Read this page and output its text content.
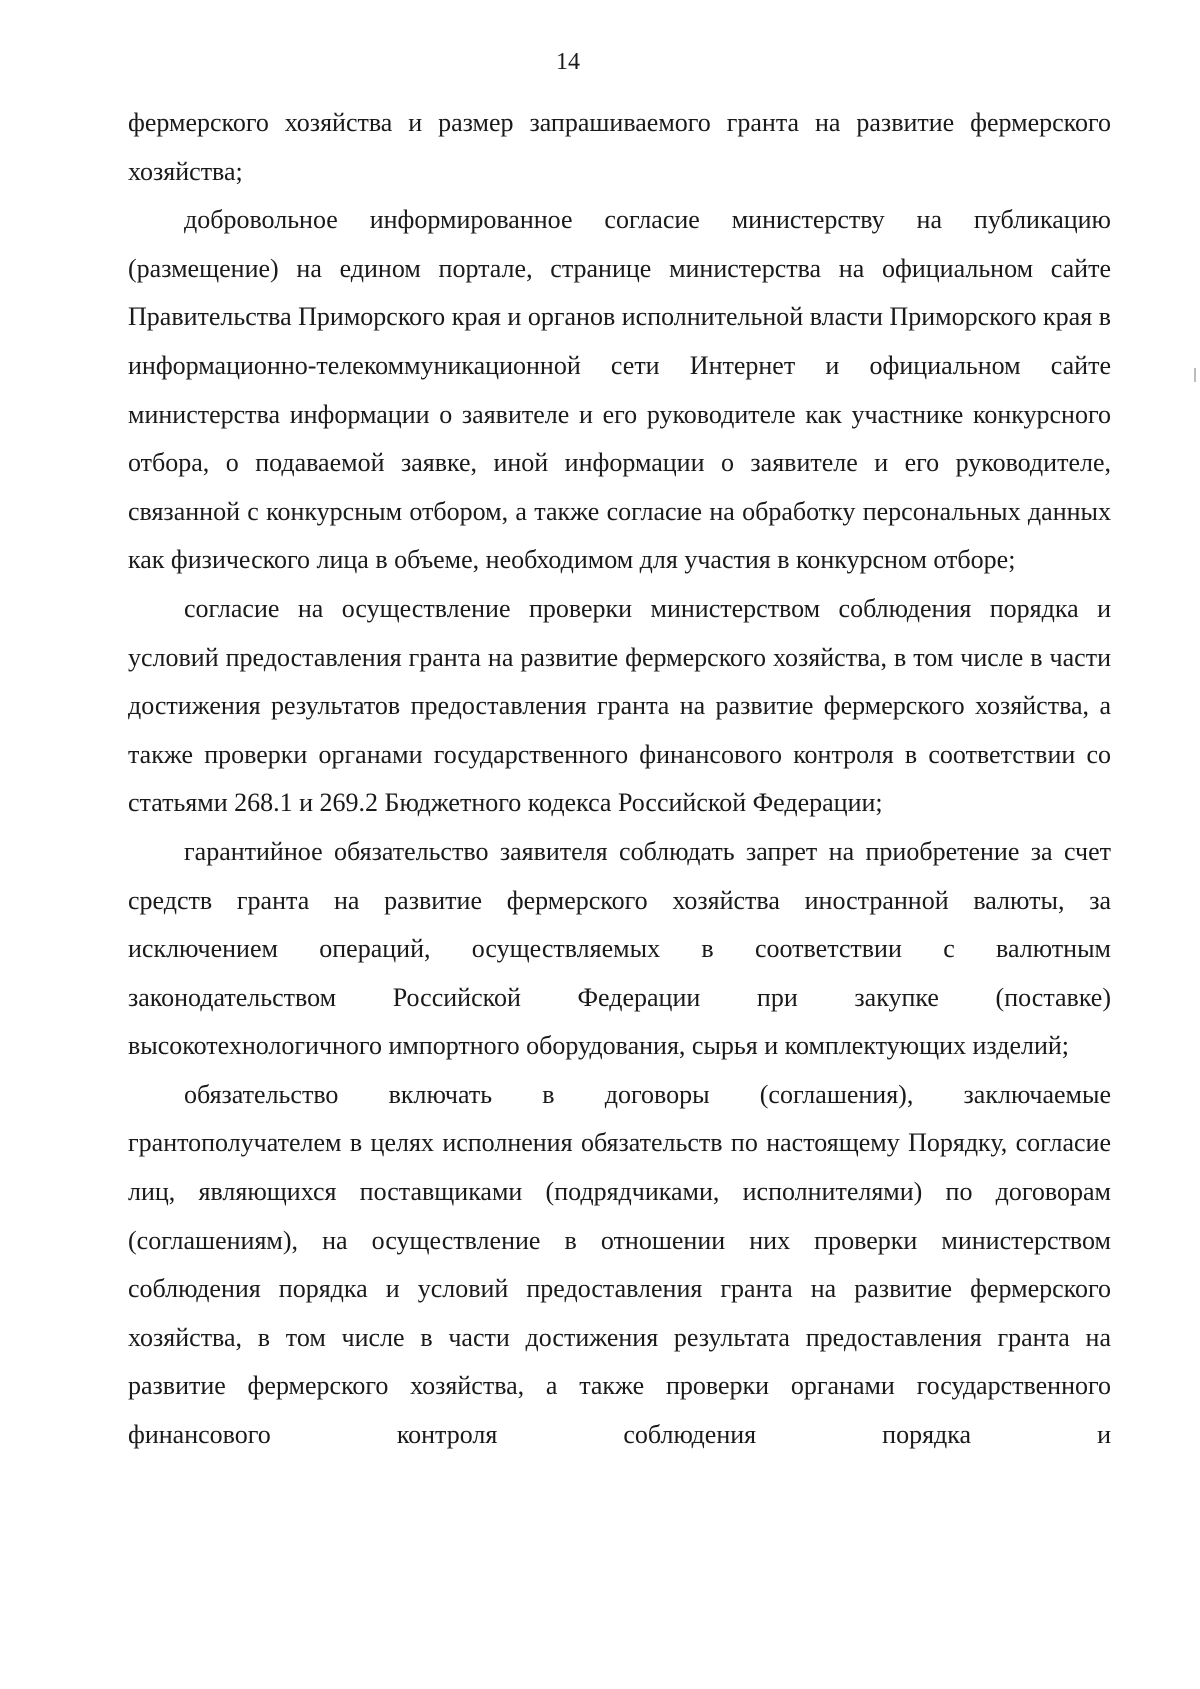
14

фермерского хозяйства и размер запрашиваемого гранта на развитие фермерского хозяйства;

добровольное информированное согласие министерству на публикацию (размещение) на едином портале, странице министерства на официальном сайте Правительства Приморского края и органов исполнительной власти Приморского края в информационно-телекоммуникационной сети Интернет и официальном сайте министерства информации о заявителе и его руководителе как участнике конкурсного отбора, о подаваемой заявке, иной информации о заявителе и его руководителе, связанной с конкурсным отбором, а также согласие на обработку персональных данных как физического лица в объеме, необходимом для участия в конкурсном отборе;

согласие на осуществление проверки министерством соблюдения порядка и условий предоставления гранта на развитие фермерского хозяйства, в том числе в части достижения результатов предоставления гранта на развитие фермерского хозяйства, а также проверки органами государственного финансового контроля в соответствии со статьями 268.1 и 269.2 Бюджетного кодекса Российской Федерации;

гарантийное обязательство заявителя соблюдать запрет на приобретение за счет средств гранта на развитие фермерского хозяйства иностранной валюты, за исключением операций, осуществляемых в соответствии с валютным законодательством Российской Федерации при закупке (поставке) высокотехнологичного импортного оборудования, сырья и комплектующих изделий;

обязательство включать в договоры (соглашения), заключаемые грантополучателем в целях исполнения обязательств по настоящему Порядку, согласие лиц, являющихся поставщиками (подрядчиками, исполнителями) по договорам (соглашениям), на осуществление в отношении них проверки министерством соблюдения порядка и условий предоставления гранта на развитие фермерского хозяйства, в том числе в части достижения результата предоставления гранта на развитие фермерского хозяйства, а также проверки органами государственного финансового контроля соблюдения порядка и
